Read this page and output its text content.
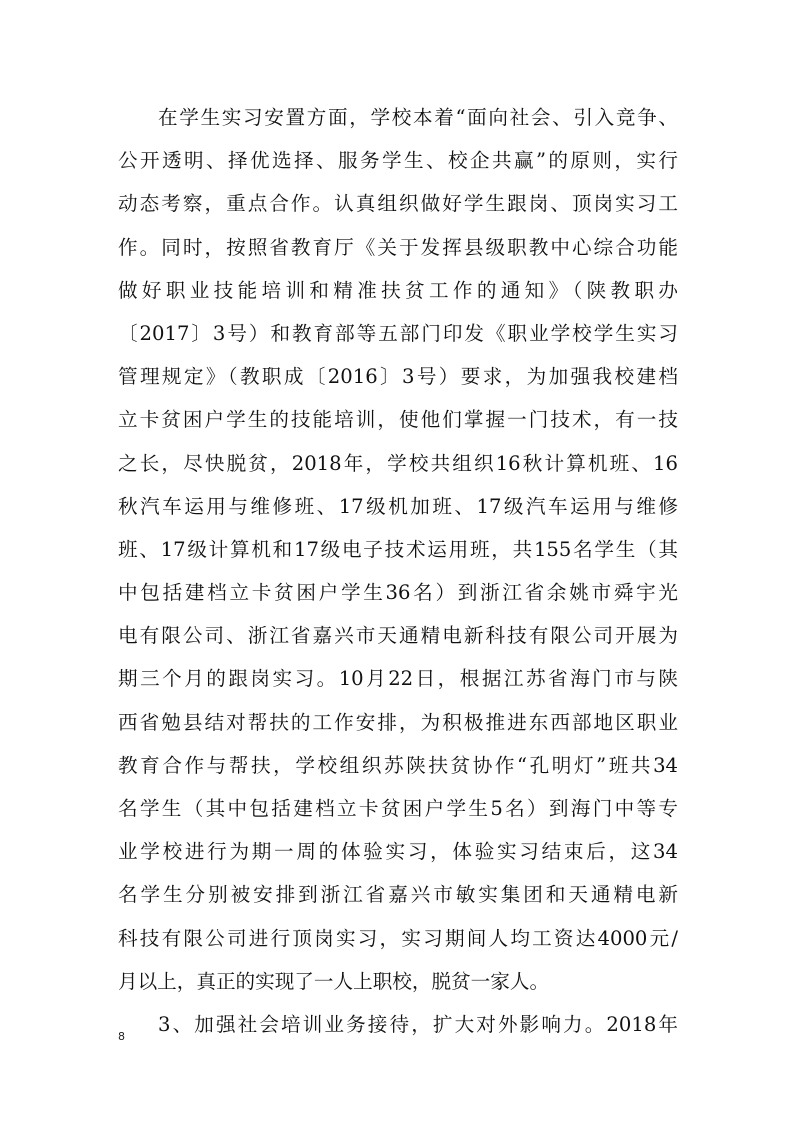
在学生实习安置方面，学校本着“面向社会、引入竞争、
公开透明、择优选择、服务学生、校企共赢”的原则，实行
动态考察，重点合作。认真组织做好学生跟岗、顶岗实习工
作。同时，按照省教育厅《关于发挥县级职教中心综合功能
做好职业技能培训和精准扶贫工作的通知》（陕教职办
〔2017〕3号）和教育部等五部门印发《职业学校学生实习
管理规定》（教职成〔2016〕3号）要求，为加强我校建档
立卡贫困户学生的技能培训，使他们掌握一门技术，有一技
之长，尽快脱贫，2018年，学校共组织16秋计算机班、16
秋汽车运用与维修班、17级机加班、17级汽车运用与维修
班、17级计算机和17级电子技术运用班，共155名学生（其
中包括建档立卡贫困户学生36名）到浙江省余姚市舜宇光
电有限公司、浙江省嘉兴市天通精电新科技有限公司开展为
期三个月的跟岗实习。10月22日，根据江苏省海门市与陕
西省勉县结对帮扶的工作安排，为积极推进东西部地区职业
教育合作与帮扶，学校组织苏陕扶贫协作“孔明灯”班共34
名学生（其中包括建档立卡贫困户学生5名）到海门中等专
业学校进行为期一周的体验实习，体验实习结束后，这34
名学生分别被安排到浙江省嘉兴市敏实集团和天通精电新
科技有限公司进行顶岗实习，实习期间人均工资达4000元/
月以上，真正的实现了一人上职校，脱贫一家人。
3、加强社会培训业务接待，扩大对外影响力。2018年
8
